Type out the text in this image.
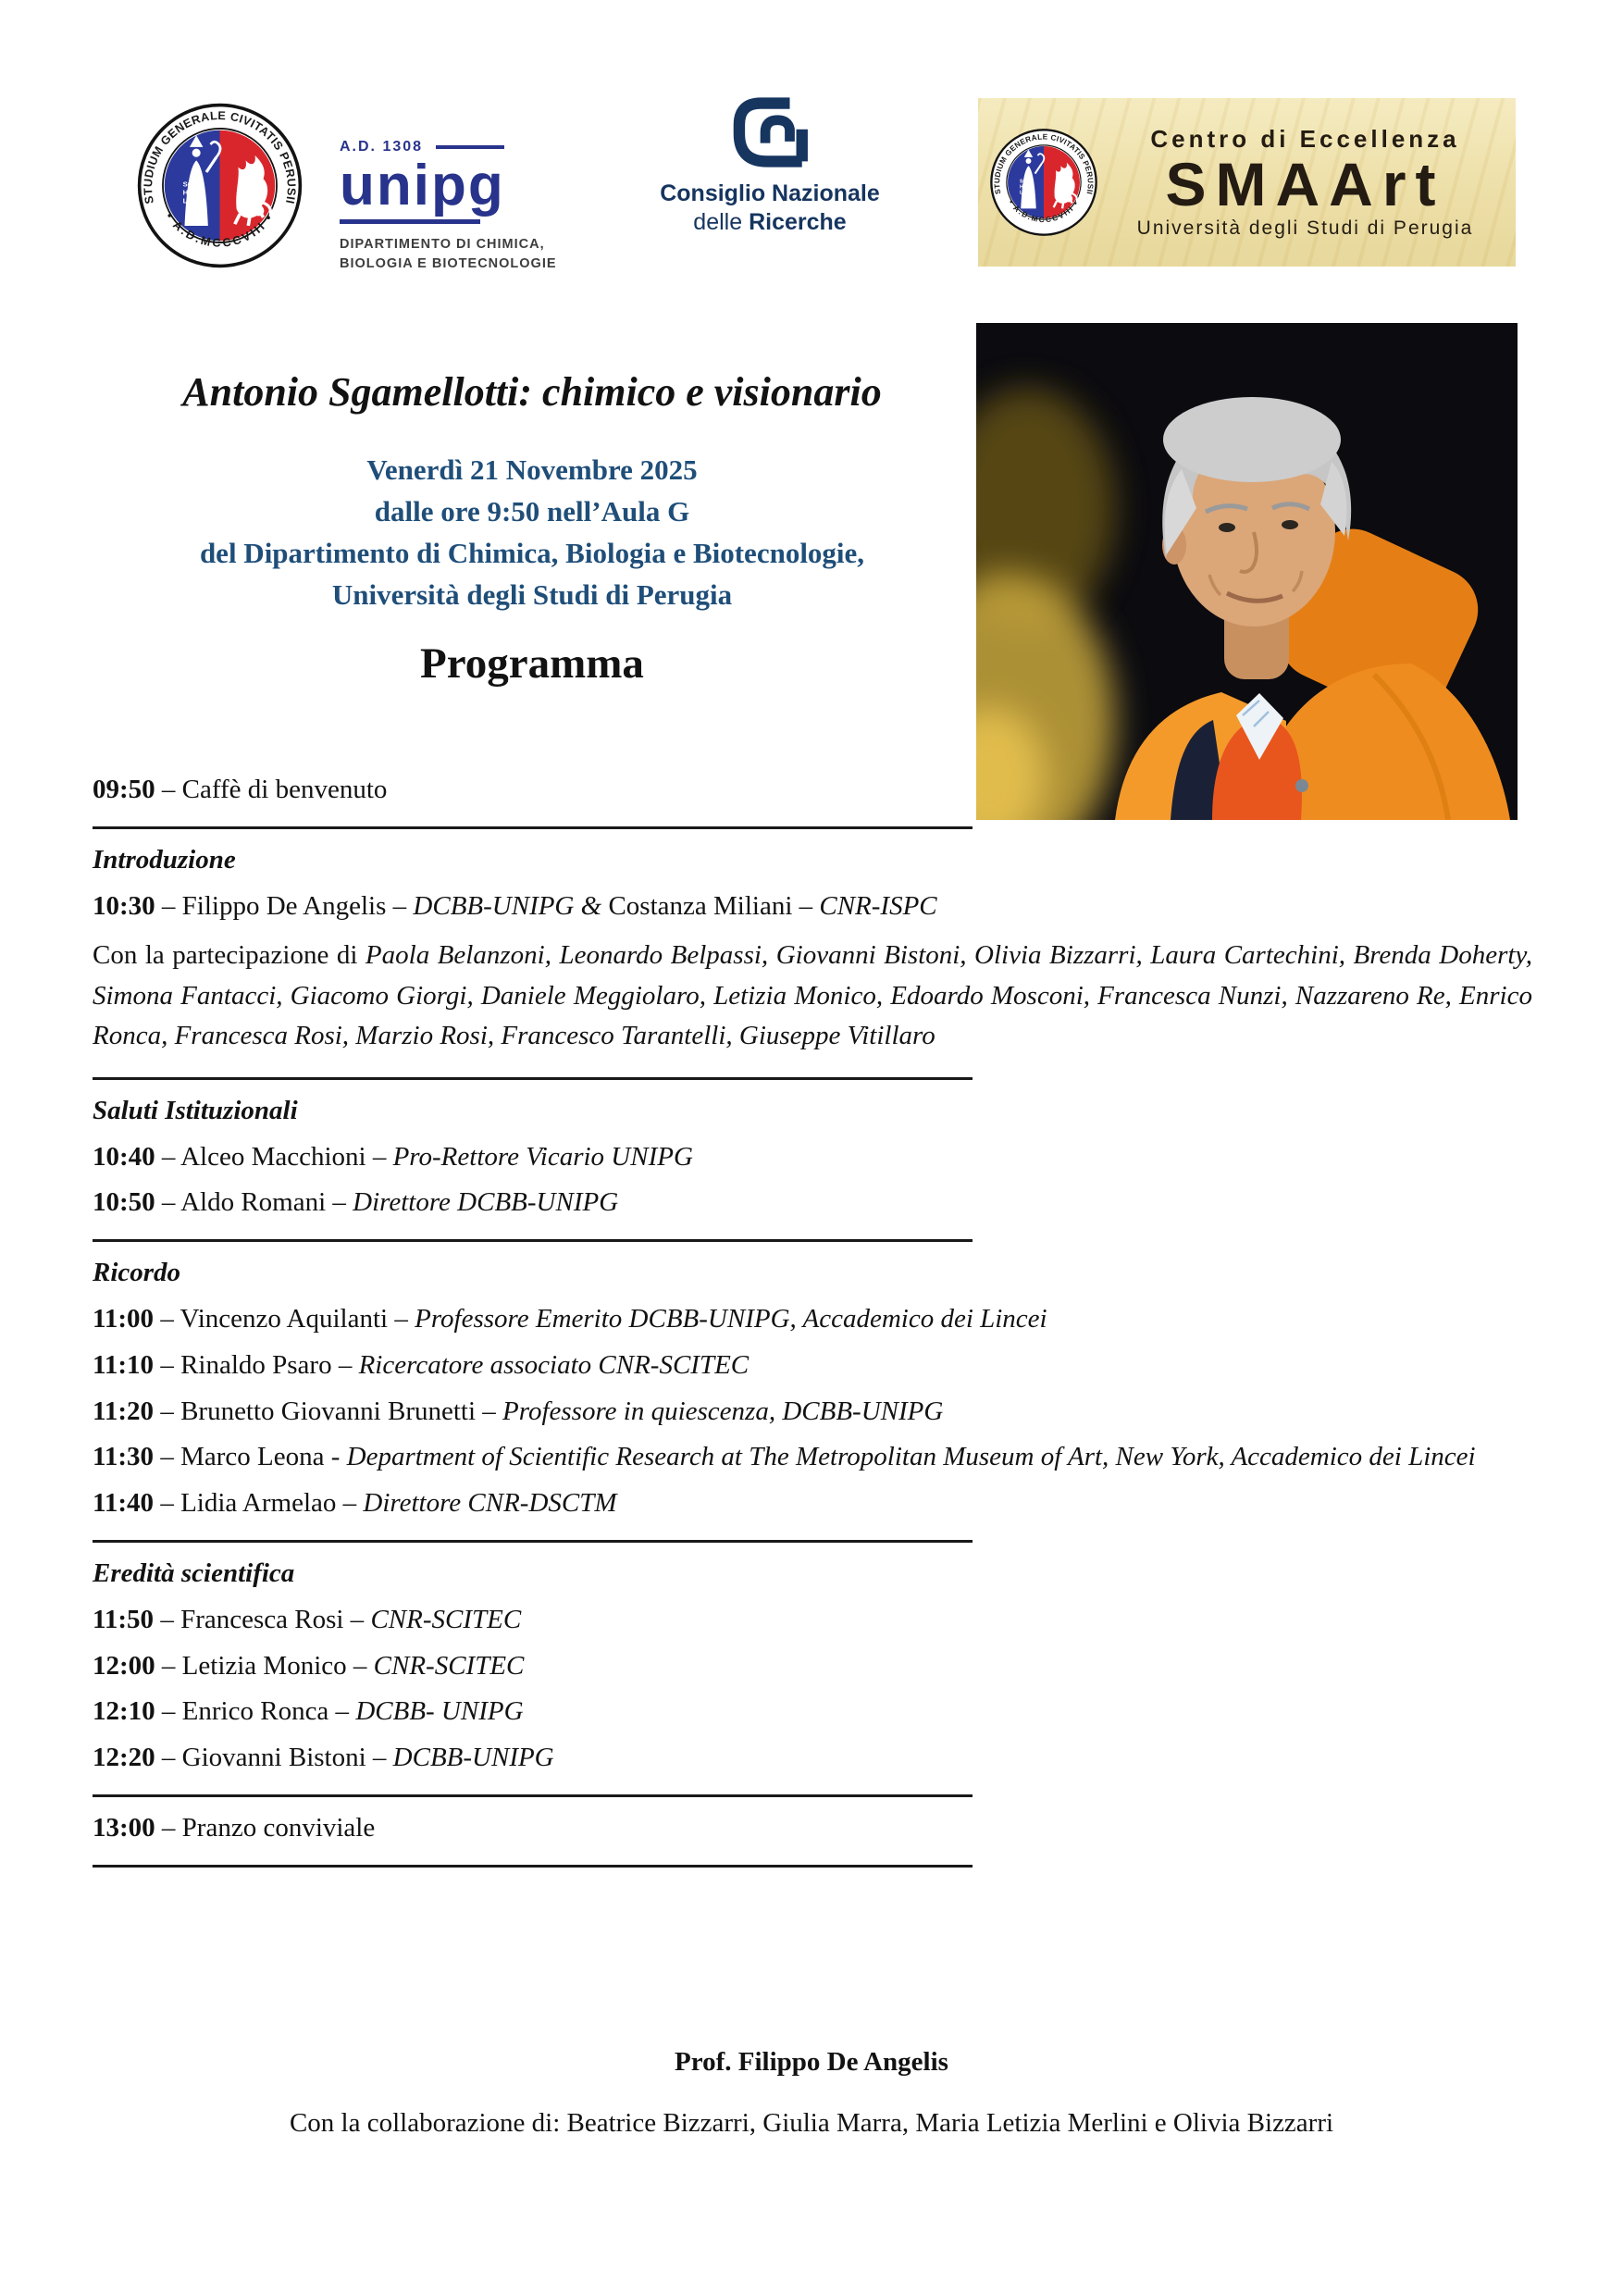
A.D. 1308
unipg
DIPARTIMENTO DI CHIMICA,
BIOLOGIA E BIOTECNOLOGIE
Consiglio Nazionale
delle Ricerche
Centro di Eccellenza
SMAArt
Università degli Studi di Perugia
Antonio Sgamellotti: chimico e visionario
Venerdì 21 Novembre 2025
dalle ore 9:50 nell’Aula G
del Dipartimento di Chimica, Biologia e Biotecnologie,
Università degli Studi di Perugia
Programma
09:50 – Caffè di benvenuto
Introduzione
10:30 – Filippo De Angelis – DCBB-UNIPG & Costanza Miliani – CNR-ISPC
Con la partecipazione di Paola Belanzoni, Leonardo Belpassi, Giovanni Bistoni, Olivia Bizzarri, Laura Cartechini, Brenda Doherty, Simona Fantacci, Giacomo Giorgi, Daniele Meggiolaro, Letizia Monico, Edoardo Mosconi, Francesca Nunzi, Nazzareno Re, Enrico Ronca, Francesca Rosi, Marzio Rosi, Francesco Tarantelli, Giuseppe Vitillaro
Saluti Istituzionali
10:40 – Alceo Macchioni – Pro-Rettore Vicario UNIPG
10:50 – Aldo Romani – Direttore DCBB-UNIPG
Ricordo
11:00 – Vincenzo Aquilanti – Professore Emerito DCBB-UNIPG, Accademico dei Lincei
11:10 – Rinaldo Psaro – Ricercatore associato CNR-SCITEC
11:20 – Brunetto Giovanni Brunetti – Professore in quiescenza, DCBB-UNIPG
11:30 – Marco Leona - Department of Scientific Research at The Metropolitan Museum of Art, New York, Accademico dei Lincei
11:40 – Lidia Armelao – Direttore CNR-DSCTM
Eredità scientifica
11:50 – Francesca Rosi – CNR-SCITEC
12:00 – Letizia Monico – CNR-SCITEC
12:10 – Enrico Ronca – DCBB- UNIPG
12:20 – Giovanni Bistoni – DCBB-UNIPG
13:00 – Pranzo conviviale
Prof. Filippo De Angelis
Con la collaborazione di: Beatrice Bizzarri, Giulia Marra, Maria Letizia Merlini e Olivia Bizzarri
